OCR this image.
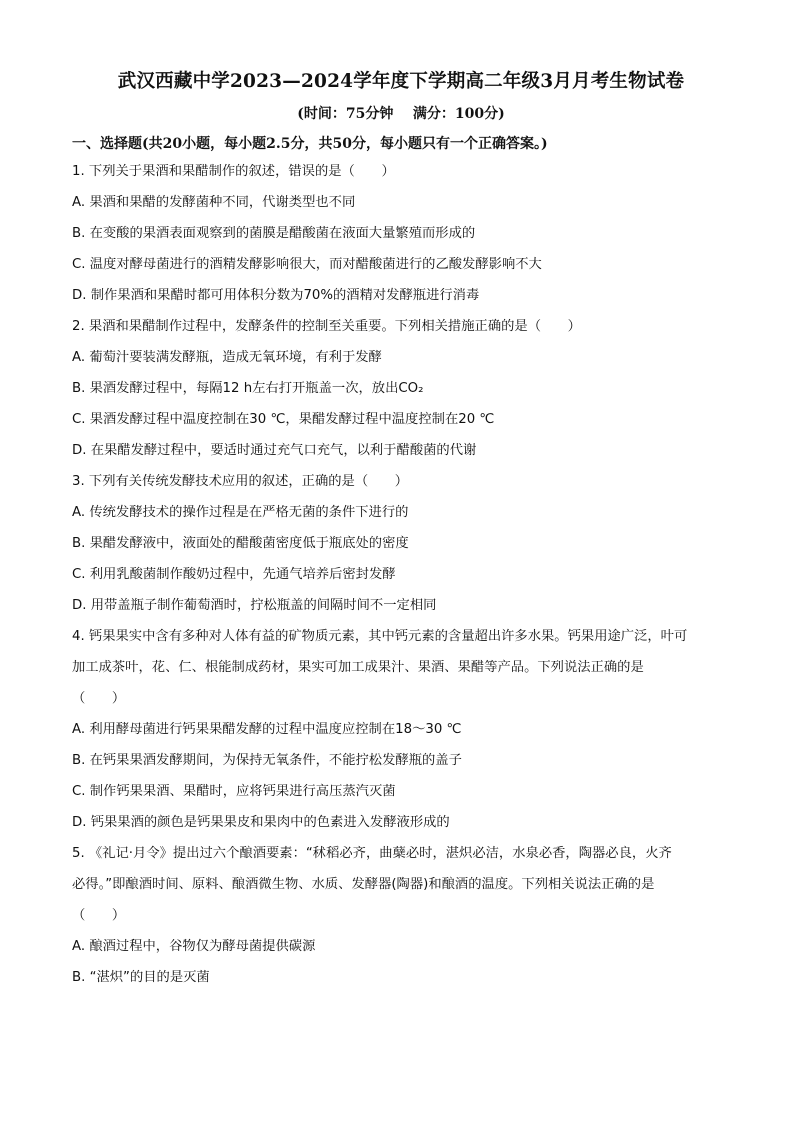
武汉西藏中学2023—2024学年度下学期高二年级3月月考生物试卷
(时间：75分钟    满分：100分)
一、选择题(共20小题，每小题2.5分，共50分，每小题只有一个正确答案。)
1. 下列关于果酒和果醋制作的叙述，错误的是（　　）
A. 果酒和果醋的发酵菌种不同，代谢类型也不同
B. 在变酸的果酒表面观察到的菌膜是醋酸菌在液面大量繁殖而形成的
C. 温度对酵母菌进行的酒精发酵影响很大，而对醋酸菌进行的乙酸发酵影响不大
D. 制作果酒和果醋时都可用体积分数为70%的酒精对发酵瓶进行消毒
2. 果酒和果醋制作过程中，发酵条件的控制至关重要。下列相关措施正确的是（　　）
A. 葡萄汁要装满发酵瓶，造成无氧环境，有利于发酵
B. 果酒发酵过程中，每隔12 h左右打开瓶盖一次，放出CO₂
C. 果酒发酵过程中温度控制在30 ℃，果醋发酵过程中温度控制在20 ℃
D. 在果醋发酵过程中，要适时通过充气口充气，以利于醋酸菌的代谢
3. 下列有关传统发酵技术应用的叙述，正确的是（　　）
A. 传统发酵技术的操作过程是在严格无菌的条件下进行的
B. 果醋发酵液中，液面处的醋酸菌密度低于瓶底处的密度
C. 利用乳酸菌制作酸奶过程中，先通气培养后密封发酵
D. 用带盖瓶子制作葡萄酒时，拧松瓶盖的间隔时间不一定相同
4. 钙果果实中含有多种对人体有益的矿物质元素，其中钙元素的含量超出许多水果。钙果用途广泛，叶可
加工成茶叶，花、仁、根能制成药材，果实可加工成果汁、果酒、果醋等产品。下列说法正确的是
（　　）
A. 利用酵母菌进行钙果果醋发酵的过程中温度应控制在18～30 ℃
B. 在钙果果酒发酵期间，为保持无氧条件，不能拧松发酵瓶的盖子
C. 制作钙果果酒、果醋时，应将钙果进行高压蒸汽灭菌
D. 钙果果酒的颜色是钙果果皮和果肉中的色素进入发酵液形成的
5. 《礼记·月令》提出过六个酿酒要素：“秫稻必齐，曲蘖必时，湛炽必洁，水泉必香，陶器必良，火齐
必得。”即酿酒时间、原料、酿酒微生物、水质、发酵器(陶器)和酿酒的温度。下列相关说法正确的是
（　　）
A. 酿酒过程中，谷物仅为酵母菌提供碳源
B. “湛炽”的目的是灭菌
